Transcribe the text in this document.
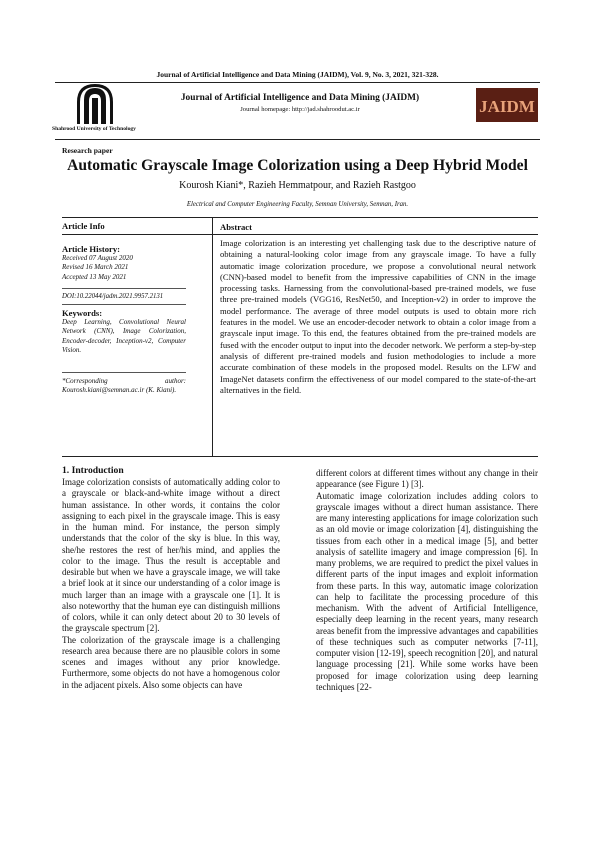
Journal of Artificial Intelligence and Data Mining (JAIDM), Vol. 9, No. 3, 2021, 321-328.
Shahrood University of Technology
Journal of Artificial Intelligence and Data Mining (JAIDM)
Journal homepage: http://jad.shahroodut.ac.ir	JAIDM
Research paper
Automatic Grayscale Image Colorization using a Deep Hybrid Model
Kourosh Kiani*, Razieh Hemmatpour, and Razieh Rastgoo
Electrical and Computer Engineering Faculty, Semnan University, Semnan, Iran.
Article Info	Abstract
Article History:
Received 07 August 2020
Revised 16 March 2021
Accepted 13 May 2021
DOI:10.22044/jadm.2021.9957.2131
Keywords:
Deep Learning, Convolutional Neural Network (CNN), Image Colorization, Encoder-decoder, Inception-v2, Computer Vision.
*Corresponding author: Kourosh.kiani@semnan.ac.ir (K. Kiani).
Image colorization is an interesting yet challenging task due to the descriptive nature of obtaining a natural-looking color image from any grayscale image. To have a fully automatic image colorization procedure, we propose a convolutional neural network (CNN)-based model to benefit from the impressive capabilities of CNN in the image processing tasks. Harnessing from the convolutional-based pre-trained models, we fuse three pre-trained models (VGG16, ResNet50, and Inception-v2) in order to improve the model performance. The average of three model outputs is used to obtain more rich features in the model. We use an encoder-decoder network to obtain a color image from a grayscale input image. To this end, the features obtained from the pre-trained models are fused with the encoder output to input into the decoder network. We perform a step-by-step analysis of different pre-trained models and fusion methodologies to include a more accurate combination of these models in the proposed model. Results on the LFW and ImageNet datasets confirm the effectiveness of our model compared to the state-of-the-art alternatives in the field.
1. Introduction

Image colorization consists of automatically adding color to a grayscale or black-and-white image without a direct human assistance. In other words, it contains the color assigning to each pixel in the grayscale image. This is easy in the human mind. For instance, the person simply understands that the color of the sky is blue. In this way, she/he restores the rest of her/his mind, and applies the color to the image. Thus the result is acceptable and desirable but when we have a grayscale image, we will take a brief look at it since our understanding of a color image is much larger than an image with a grayscale one [1]. It is also noteworthy that the human eye can distinguish millions of colors, while it can only detect about 20 to 30 levels of the grayscale spectrum [2].

The colorization of the grayscale image is a challenging research area because there are no plausible colors in some scenes and images without any prior knowledge. Furthermore, some objects do not have a homogenous color in the adjacent pixels. Also some objects can have

different colors at different times without any change in their appearance (see Figure 1) [3].

Automatic image colorization includes adding colors to grayscale images without a direct human assistance. There are many interesting applications for image colorization such as an old movie or image colorization [4], distinguishing the tissues from each other in a medical image [5], and better analysis of satellite imagery and image compression [6]. In many problems, we are required to predict the pixel values in different parts of the input images and exploit information from these parts. In this way, automatic image colorization can help to facilitate the processing procedure of this mechanism. With the advent of Artificial Intelligence, especially deep learning in the recent years, many research areas benefit from the impressive advantages and capabilities of these techniques such as computer networks [7-11], computer vision [12-19], speech recognition [20], and natural language processing [21]. While some works have been proposed for image colorization using deep learning techniques [22-
